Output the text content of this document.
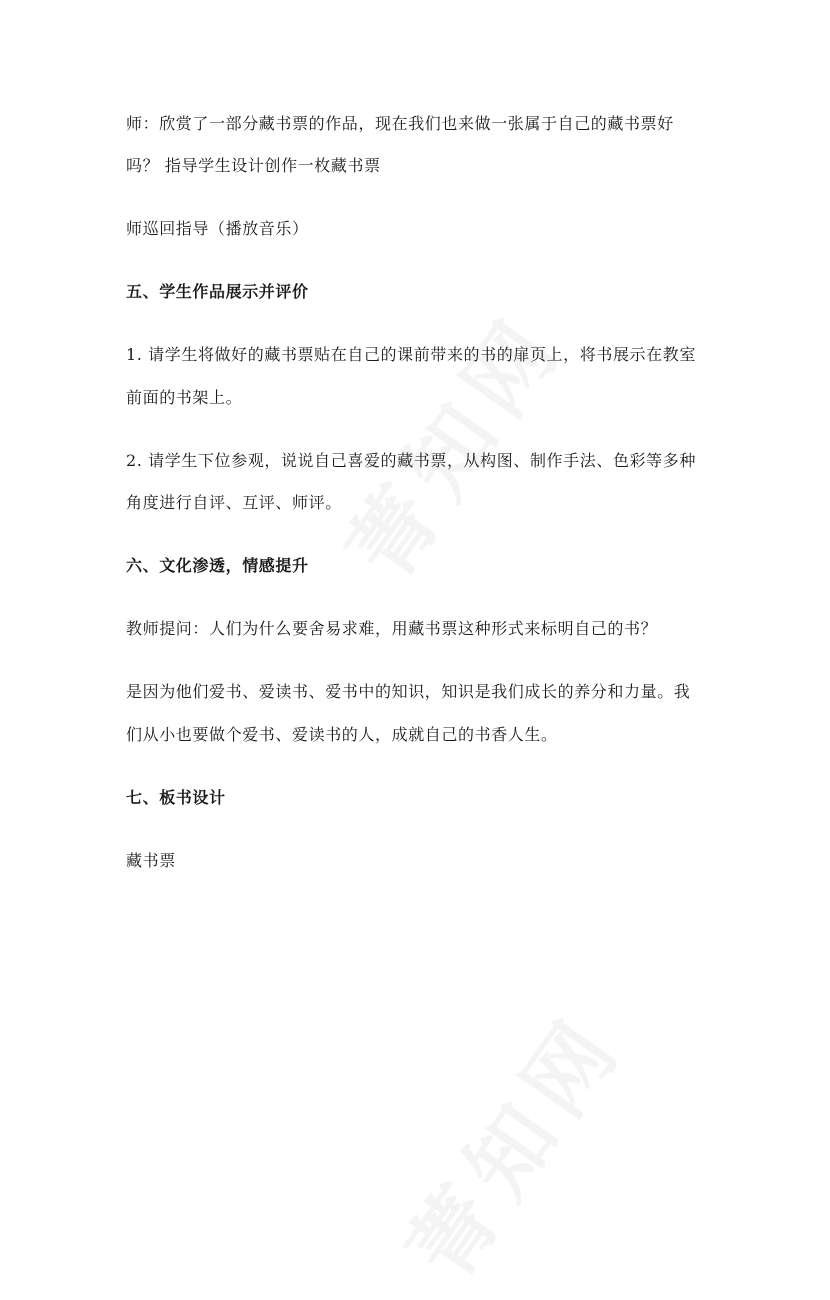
师：欣赏了一部分藏书票的作品，现在我们也来做一张属于自己的藏书票好

吗？ 指导学生设计创作一枚藏书票

师巡回指导（播放音乐）

五、学生作品展示并评价

1. 请学生将做好的藏书票贴在自己的课前带来的书的扉页上，将书展示在教室

前面的书架上。

2. 请学生下位参观，说说自己喜爱的藏书票，从构图、制作手法、色彩等多种

角度进行自评、互评、师评。

六、文化渗透，情感提升

教师提问：人们为什么要舍易求难，用藏书票这种形式来标明自己的书？

是因为他们爱书、爱读书、爱书中的知识，知识是我们成长的养分和力量。我

们从小也要做个爱书、爱读书的人，成就自己的书香人生。

七、板书设计

藏书票
